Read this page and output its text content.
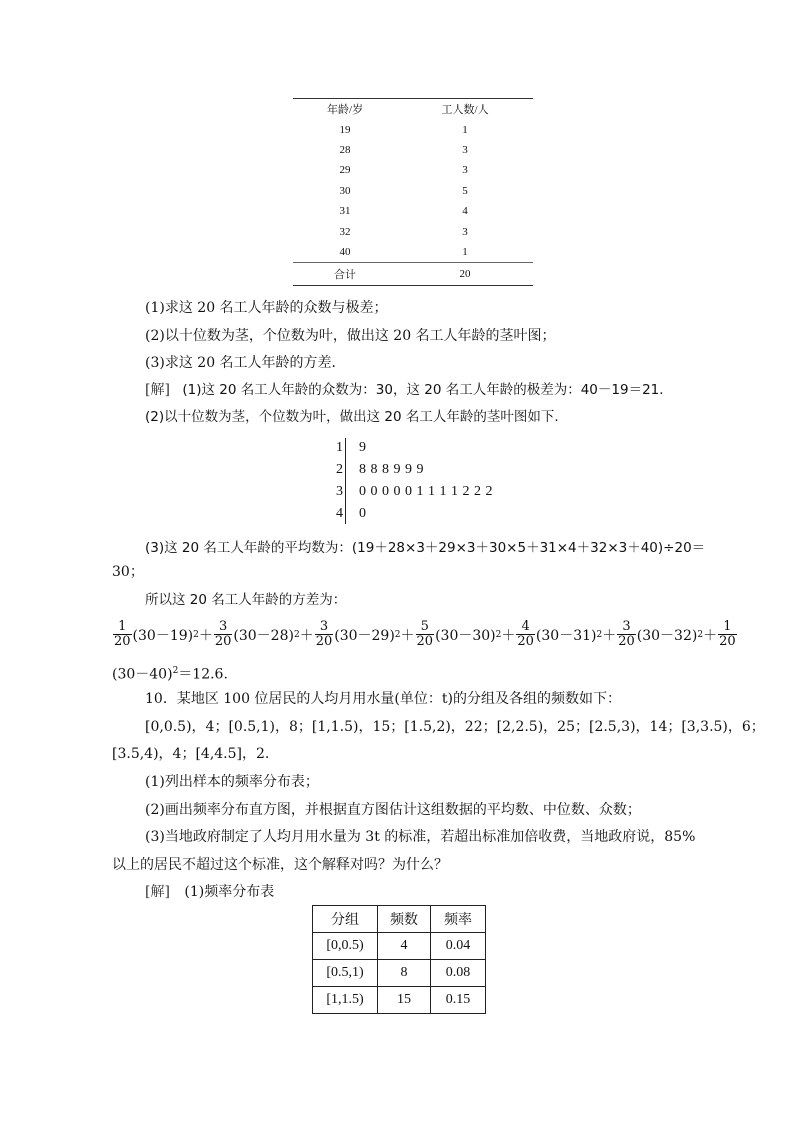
年龄/岁	工人数/人
19	1
28	3
29	3
30	5
31	4
32	3
40	1
合计	20
(1)求这 20 名工人年龄的众数与极差；
(2)以十位数为茎，个位数为叶，做出这 20 名工人年龄的茎叶图；
(3)求这 20 名工人年龄的方差．
[解] (1)这 20 名工人年龄的众数为：30，这 20 名工人年龄的极差为：40－19＝21．
(2)以十位数为茎，个位数为叶，做出这 20 名工人年龄的茎叶图如下.
1	9
2	8 8 8 9 9 9
3	0 0 0 0 0 1 1 1 1 2 2 2
4	0
(3)这 20 名工人年龄的平均数为：(19＋28×3＋29×3＋30×5＋31×4＋32×3＋40)÷20＝
30；
所以这 20 名工人年龄的方差为：
$\frac{1}{20} (30-19) 2 + \frac{3}{20} (30-28) 2 + \frac{3}{20} (30-29) 2 + \frac{5}{20} (30-30) 2 + \frac{4}{20} (30-31) 2 + \frac{3}{20} (30-32) 2 + \frac{1}{20}$
$(30-40)^2=12.6$.
10．某地区 100 位居民的人均月用水量(单位：t)的分组及各组的频数如下：
[0,0.5)，4；[0.5,1)，8；[1,1.5)，15；[1.5,2)，22；[2,2.5)，25；[2.5,3)，14；[3,3.5)，6；
[3.5,4)，4；[4,4.5]，2.
(1)列出样本的频率分布表；
(2)画出频率分布直方图，并根据直方图估计这组数据的平均数、中位数、众数；
(3)当地政府制定了人均月用水量为 3t 的标准，若超出标准加倍收费，当地政府说，85%
以上的居民不超过这个标准，这个解释对吗？为什么？
[解] (1)频率分布表
分组	频数	频率
[0,0.5)	4	0.04
[0.5,1)	8	0.08
[1,1.5)	15	0.15
